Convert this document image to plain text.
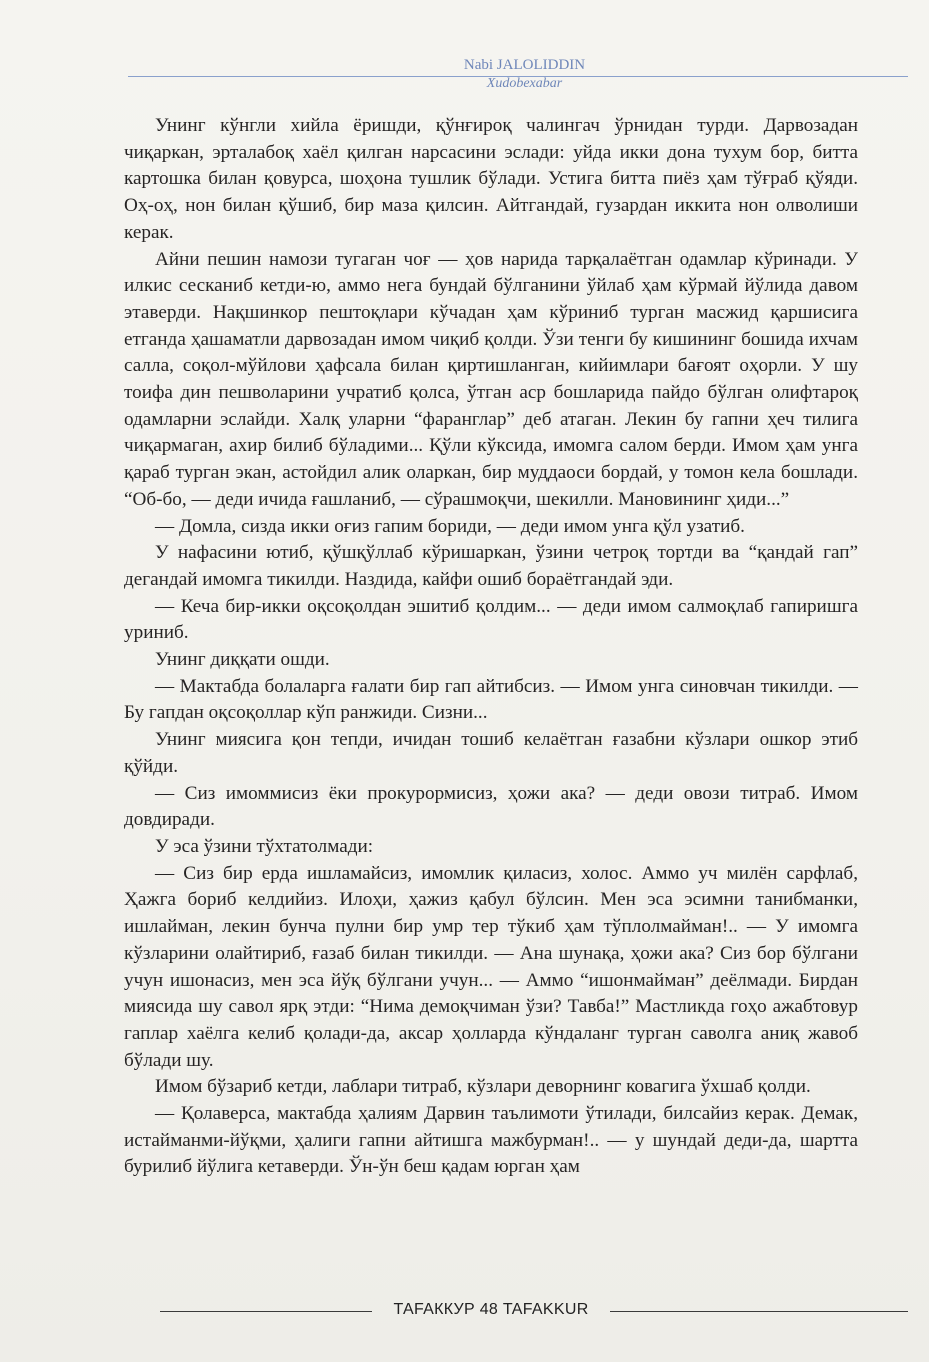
Nabi JALOLIDDIN
Xudobexabar

Унинг кўнгли хийла ёришди, қўнғироқ чалингач ўрнидан турди. Дарвозадан чиқаркан, эрталабоқ хаёл қилган нарсасини эслади: уйда икки дона тухум бор, битта картошка билан қовурса, шоҳона тушлик бўлади. Устига битта пиёз ҳам тўғраб қўяди. Оҳ-оҳ, нон билан қўшиб, бир маза қилсин. Айтгандай, гузардан иккита нон олволиши керак.

Айни пешин намози тугаган чоғ — ҳов нарида тарқалаётган одамлар кўринади. У илкис сесканиб кетди-ю, аммо нега бундай бўлганини ўйлаб ҳам кўрмай йўлида давом этаверди. Нақшинкор пештоқлари кўчадан ҳам кўриниб турган масжид қаршисига етганда ҳашаматли дарвозадан имом чиқиб қолди. Ўзи тенги бу кишининг бошида ихчам салла, соқол-мўйлови ҳафсала билан қиртишланган, кийимлари бағоят оҳорли. У шу тоифа дин пешволарини учратиб қолса, ўтган аср бошларида пайдо бўлган олифтароқ одамларни эслайди. Халқ уларни “фаранглар” деб атаган. Лекин бу гапни ҳеч тилига чиқармаган, ахир билиб бўладими... Қўли кўксида, имомга салом берди. Имом ҳам унга қараб турган экан, астойдил алик оларкан, бир муддаоси бордай, у томон кела бошлади. “Об-бо, — деди ичида ғашланиб, — сўрашмоқчи, шекилли. Мановининг ҳиди...”

— Домла, сизда икки оғиз гапим бориди, — деди имом унга қўл узатиб.

У нафасини ютиб, қўшқўллаб кўришаркан, ўзини четроқ тортди ва “қандай гап” дегандай имомга тикилди. Наздида, кайфи ошиб бораётгандай эди.

— Кеча бир-икки оқсоқолдан эшитиб қолдим... — деди имом салмоқлаб гапиришга уриниб.

Унинг диққати ошди.

— Мактабда болаларга ғалати бир гап айтибсиз. — Имом унга синовчан тикилди. — Бу гапдан оқсоқоллар кўп ранжиди. Сизни...

Унинг миясига қон тепди, ичидан тошиб келаётган ғазабни кўзлари ошкор этиб қўйди.

— Сиз имоммисиз ёки прокурормисиз, ҳожи ака? — деди овози титраб. Имом довдиради.

У эса ўзини тўхтатолмади:

— Сиз бир ерда ишламайсиз, имомлик қиласиз, холос. Аммо уч милён сарфлаб, Ҳажга бориб келдийиз. Илоҳи, ҳажиз қабул бўлсин. Мен эса эсимни танибманки, ишлайман, лекин бунча пулни бир умр тер тўкиб ҳам тўплолмайман!.. — У имомга кўзларини олайтириб, ғазаб билан тикилди. — Ана шунақа, ҳожи ака? Сиз бор бўлгани учун ишонасиз, мен эса йўқ бўлгани учун... — Аммо “ишонмайман” деёлмади. Бирдан миясида шу савол ярқ этди: “Нима демоқчиман ўзи? Тавба!” Мастликда гоҳо ажабтовур гаплар хаёлга келиб қолади-да, аксар ҳолларда кўндаланг турган саволга аниқ жавоб бўлади шу.

Имом бўзариб кетди, лаблари титраб, кўзлари деворнинг ковагига ўхшаб қолди.

— Қолаверса, мактабда ҳалиям Дарвин таълимоти ўтилади, билсайиз керак. Демак, истайманми-йўқми, ҳалиги гапни айтишга мажбурман!.. — у шундай деди-да, шартта бурилиб йўлига кетаверди. Ўн-ўн беш қадам юрган ҳам

ТАFAККУР 48 TAFAKKUR
